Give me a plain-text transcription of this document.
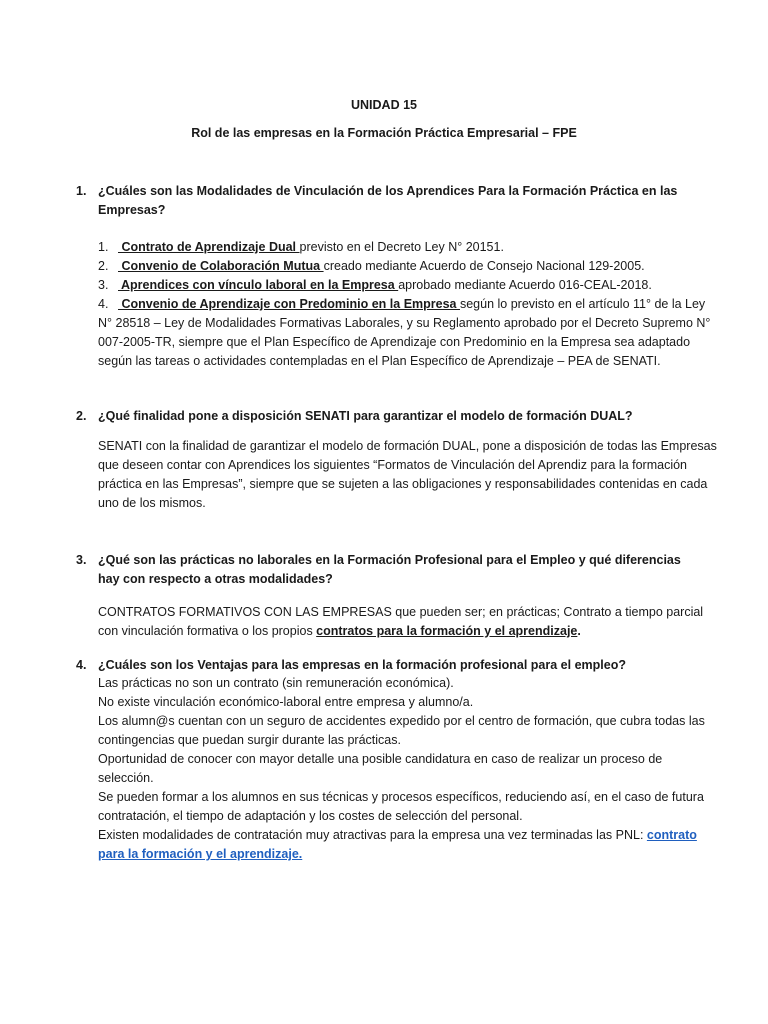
UNIDAD 15
Rol de las empresas en la Formación Práctica Empresarial – FPE
1. ¿Cuáles son las Modalidades de Vinculación de los Aprendices Para la Formación Práctica en las Empresas?
1. Contrato de Aprendizaje Dual previsto en el Decreto Ley N° 20151.
2. Convenio de Colaboración Mutua creado mediante Acuerdo de Consejo Nacional 129-2005.
3. Aprendices con vínculo laboral en la Empresa aprobado mediante Acuerdo 016-CEAL-2018.
4. Convenio de Aprendizaje con Predominio en la Empresa según lo previsto en el artículo 11° de la Ley N° 28518 – Ley de Modalidades Formativas Laborales, y su Reglamento aprobado por el Decreto Supremo N° 007-2005-TR, siempre que el Plan Específico de Aprendizaje con Predominio en la Empresa sea adaptado según las tareas o actividades contempladas en el Plan Específico de Aprendizaje – PEA de SENATI.
2. ¿Qué finalidad pone a disposición SENATI para garantizar el modelo de formación DUAL?
SENATI con la finalidad de garantizar el modelo de formación DUAL, pone a disposición de todas las Empresas que deseen contar con Aprendices los siguientes “Formatos de Vinculación del Aprendiz para la formación práctica en las Empresas”, siempre que se sujeten a las obligaciones y responsabilidades contenidas en cada uno de los mismos.
3. ¿Qué son las prácticas no laborales en la Formación Profesional para el Empleo y qué diferencias
hay con respecto a otras modalidades?
CONTRATOS FORMATIVOS CON LAS EMPRESAS que pueden ser; en prácticas; Contrato a tiempo parcial con vinculación formativa o los propios contratos para la formación y el aprendizaje.
4. ¿Cuáles son los Ventajas para las empresas en la formación profesional para el empleo?
Las prácticas no son un contrato (sin remuneración económica).
No existe vinculación económico-laboral entre empresa y alumno/a.
Los alumn@s cuentan con un seguro de accidentes expedido por el centro de formación, que cubra todas las contingencias que puedan surgir durante las prácticas.
Oportunidad de conocer con mayor detalle una posible candidatura en caso de realizar un proceso de selección.
Se pueden formar a los alumnos en sus técnicas y procesos específicos, reduciendo así, en el caso de futura contratación, el tiempo de adaptación y los costes de selección del personal.
Existen modalidades de contratación muy atractivas para la empresa una vez terminadas las PNL: contrato para la formación y el aprendizaje.
